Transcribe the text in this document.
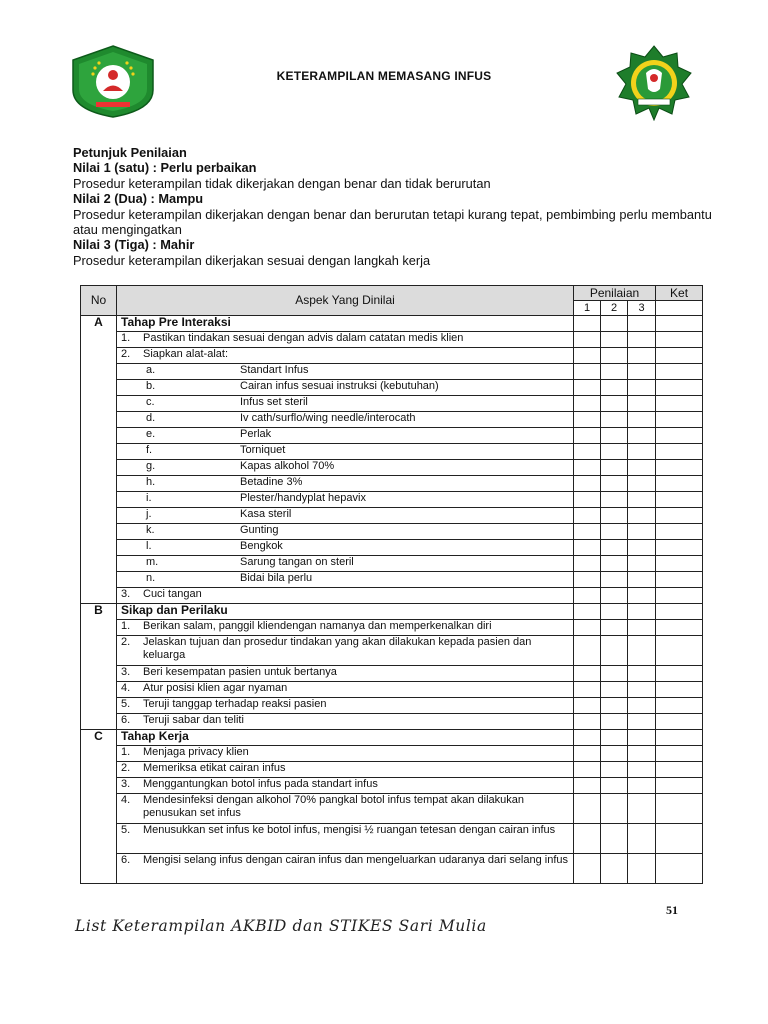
KETERAMPILAN MEMASANG INFUS
Petunjuk Penilaian
Nilai 1 (satu) : Perlu perbaikan
Prosedur keterampilan tidak dikerjakan dengan benar dan tidak berurutan
Nilai 2 (Dua) : Mampu
Prosedur keterampilan dikerjakan dengan benar dan berurutan tetapi kurang tepat, pembimbing perlu membantu atau mengingatkan
Nilai 3 (Tiga) : Mahir
Prosedur keterampilan dikerjakan sesuai dengan langkah kerja
No	Aspek Yang Dinilai	Penilaian			Ket
		1	2	3	
A	Tahap Pre Interaksi				

	1. Pastikan tindakan sesuai dengan advis dalam catatan medis klien				

	2. Siapkan alat-alat:				

	a. Standart Infus				

	b. Cairan infus sesuai instruksi (kebutuhan)				

	c. Infus set steril				

	d. Iv cath/surflo/wing needle/interocath				

	e. Perlak				

	f. Torniquet				

	g. Kapas alkohol 70%				

	h. Betadine 3%				

	i. Plester/handyplat hepavix				

	j. Kasa steril				

	k. Gunting				

	l. Bengkok				

	m. Sarung tangan on steril				

	n. Bidai bila perlu				

	3. Cuci tangan				

B	Sikap dan Perilaku				

	1. Berikan salam, panggil kliendengan namanya dan memperkenalkan diri				

	2. Jelaskan tujuan dan prosedur tindakan yang akan dilakukan kepada pasien dan keluarga				

	3. Beri kesempatan pasien untuk bertanya				

	4. Atur posisi klien agar nyaman				

	5. Teruji tanggap terhadap reaksi pasien				

	6. Teruji sabar dan teliti				

C	Tahap Kerja				

	1. Menjaga privacy klien				

	2. Memeriksa etikat cairan infus				

	3. Menggantungkan botol infus pada standart infus				

	4. Mendesinfeksi dengan alkohol 70% pangkal botol infus tempat akan dilakukan penusukan set infus				

	5. Menusukkan set infus ke botol infus, mengisi ½ ruangan tetesan dengan cairan infus				

	6. Mengisi selang infus dengan cairan infus dan mengeluarkan udaranya dari selang infus				

51
List Keterampilan AKBID dan STIKES Sari Mulia
